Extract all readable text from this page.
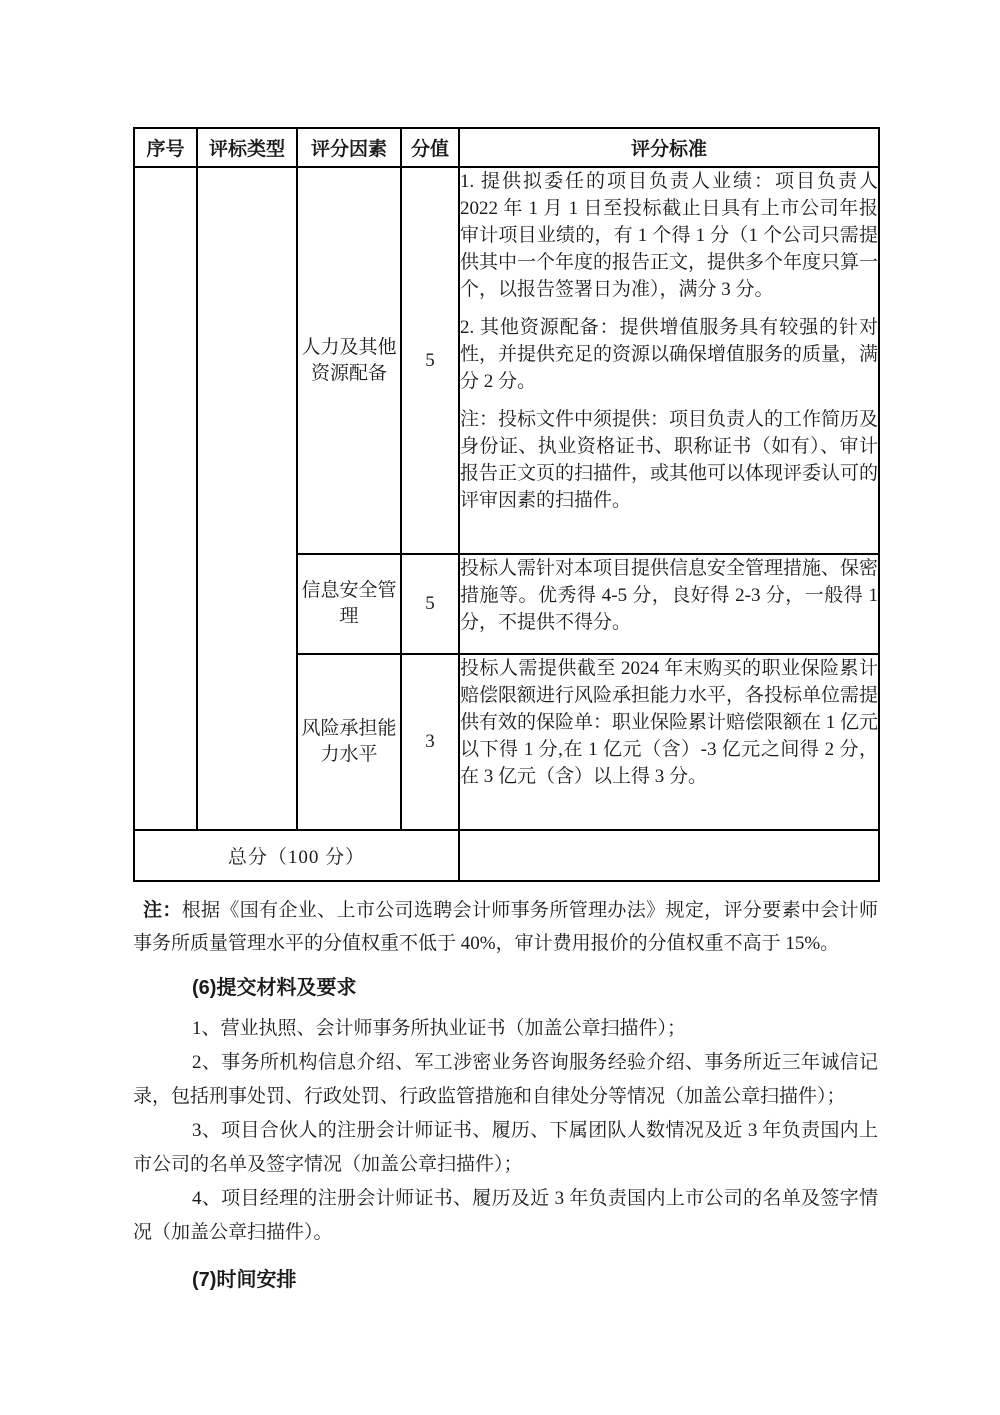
序号	评标类型	评分因素	分值	评分标准
		人力及其他资源配备	5	1. 提供拟委任的项目负责人业绩：项目负责人 2022 年 1 月 1 日至投标截止日具有上市公司年报审计项目业绩的，有 1 个得 1 分（1 个公司只需提供其中一个年度的报告正文，提供多个年度只算一个，以报告签署日为准），满分 3 分。

2. 其他资源配备：提供增值服务具有较强的针对性，并提供充足的资源以确保增值服务的质量，满分 2 分。

注：投标文件中须提供：项目负责人的工作简历及身份证、执业资格证书、职称证书（如有）、审计报告正文页的扫描件，或其他可以体现评委认可的评审因素的扫描件。

		信息安全管理	5	投标人需针对本项目提供信息安全管理措施、保密措施等。优秀得 4-5 分，良好得 2-3 分，一般得 1 分，不提供不得分。

		风险承担能力水平	3	投标人需提供截至 2024 年末购买的职业保险累计赔偿限额进行风险承担能力水平，各投标单位需提供有效的保险单：职业保险累计赔偿限额在 1 亿元以下得 1 分,在 1 亿元（含）-3 亿元之间得 2 分，在 3 亿元（含）以上得 3 分。

总分（100 分）				

注：根据《国有企业、上市公司选聘会计师事务所管理办法》规定，评分要素中会计师事务所质量管理水平的分值权重不低于 40%，审计费用报价的分值权重不高于 15%。

(6)提交材料及要求

1、营业执照、会计师事务所执业证书（加盖公章扫描件）；

2、事务所机构信息介绍、军工涉密业务咨询服务经验介绍、事务所近三年诚信记录，包括刑事处罚、行政处罚、行政监管措施和自律处分等情况（加盖公章扫描件）；

3、项目合伙人的注册会计师证书、履历、下属团队人数情况及近 3 年负责国内上市公司的名单及签字情况（加盖公章扫描件）；

4、项目经理的注册会计师证书、履历及近 3 年负责国内上市公司的名单及签字情况（加盖公章扫描件）。

(7)时间安排
